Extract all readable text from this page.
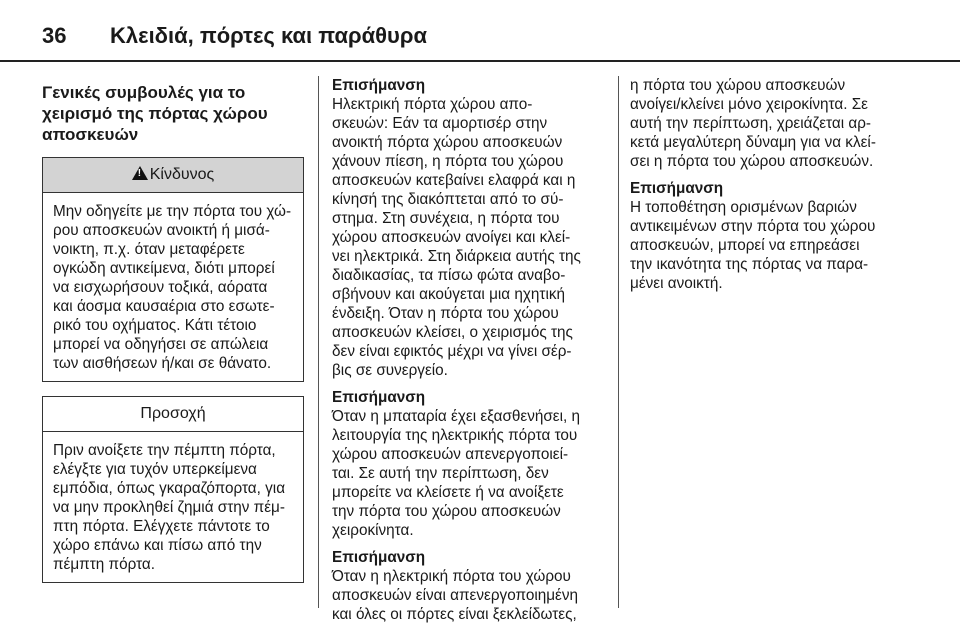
36	Κλειδιά, πόρτες και παράθυρα
Γενικές συμβουλές για το
χειρισμό της πόρτας χώρου
αποσκευών
!Κίνδυνος
Μην οδηγείτε με την πόρτα του χώ-
ρου αποσκευών ανοικτή ή μισά-
νοικτη, π.χ. όταν μεταφέρετε
ογκώδη αντικείμενα, διότι μπορεί
να εισχωρήσουν τοξικά, αόρατα
και άοσμα καυσαέρια στο εσωτε-
ρικό του οχήματος. Κάτι τέτοιο
μπορεί να οδηγήσει σε απώλεια
των αισθήσεων ή/και σε θάνατο.
Προσοχή
Πριν ανοίξετε την πέμπτη πόρτα,
ελέγξτε για τυχόν υπερκείμενα
εμπόδια, όπως γκαραζόπορτα, για
να μην προκληθεί ζημιά στην πέμ-
πτη πόρτα. Ελέγχετε πάντοτε το
χώρο επάνω και πίσω από την
πέμπτη πόρτα.
Επισήμανση
Ηλεκτρική πόρτα χώρου απο-
σκευών: Εάν τα αμορτισέρ στην
ανοικτή πόρτα χώρου αποσκευών
χάνουν πίεση, η πόρτα του χώρου
αποσκευών κατεβαίνει ελαφρά και η
κίνησή της διακόπτεται από το σύ-
στημα. Στη συνέχεια, η πόρτα του
χώρου αποσκευών ανοίγει και κλεί-
νει ηλεκτρικά. Στη διάρκεια αυτής της
διαδικασίας, τα πίσω φώτα αναβο-
σβήνουν και ακούγεται μια ηχητική
ένδειξη. Όταν η πόρτα του χώρου
αποσκευών κλείσει, ο χειρισμός της
δεν είναι εφικτός μέχρι να γίνει σέρ-
βις σε συνεργείο.
Επισήμανση
Όταν η μπαταρία έχει εξασθενήσει, η
λειτουργία της ηλεκτρικής πόρτα του
χώρου αποσκευών απενεργοποιεί-
ται. Σε αυτή την περίπτωση, δεν
μπορείτε να κλείσετε ή να ανοίξετε
την πόρτα του χώρου αποσκευών
χειροκίνητα.
Επισήμανση
Όταν η ηλεκτρική πόρτα του χώρου
αποσκευών είναι απενεργοποιημένη
και όλες οι πόρτες είναι ξεκλείδωτες,
η πόρτα του χώρου αποσκευών
ανοίγει/κλείνει μόνο χειροκίνητα. Σε
αυτή την περίπτωση, χρειάζεται αρ-
κετά μεγαλύτερη δύναμη για να κλεί-
σει η πόρτα του χώρου αποσκευών.
Επισήμανση
Η τοποθέτηση ορισμένων βαριών
αντικειμένων στην πόρτα του χώρου
αποσκευών, μπορεί να επηρεάσει
την ικανότητα της πόρτας να παρα-
μένει ανοικτή.
